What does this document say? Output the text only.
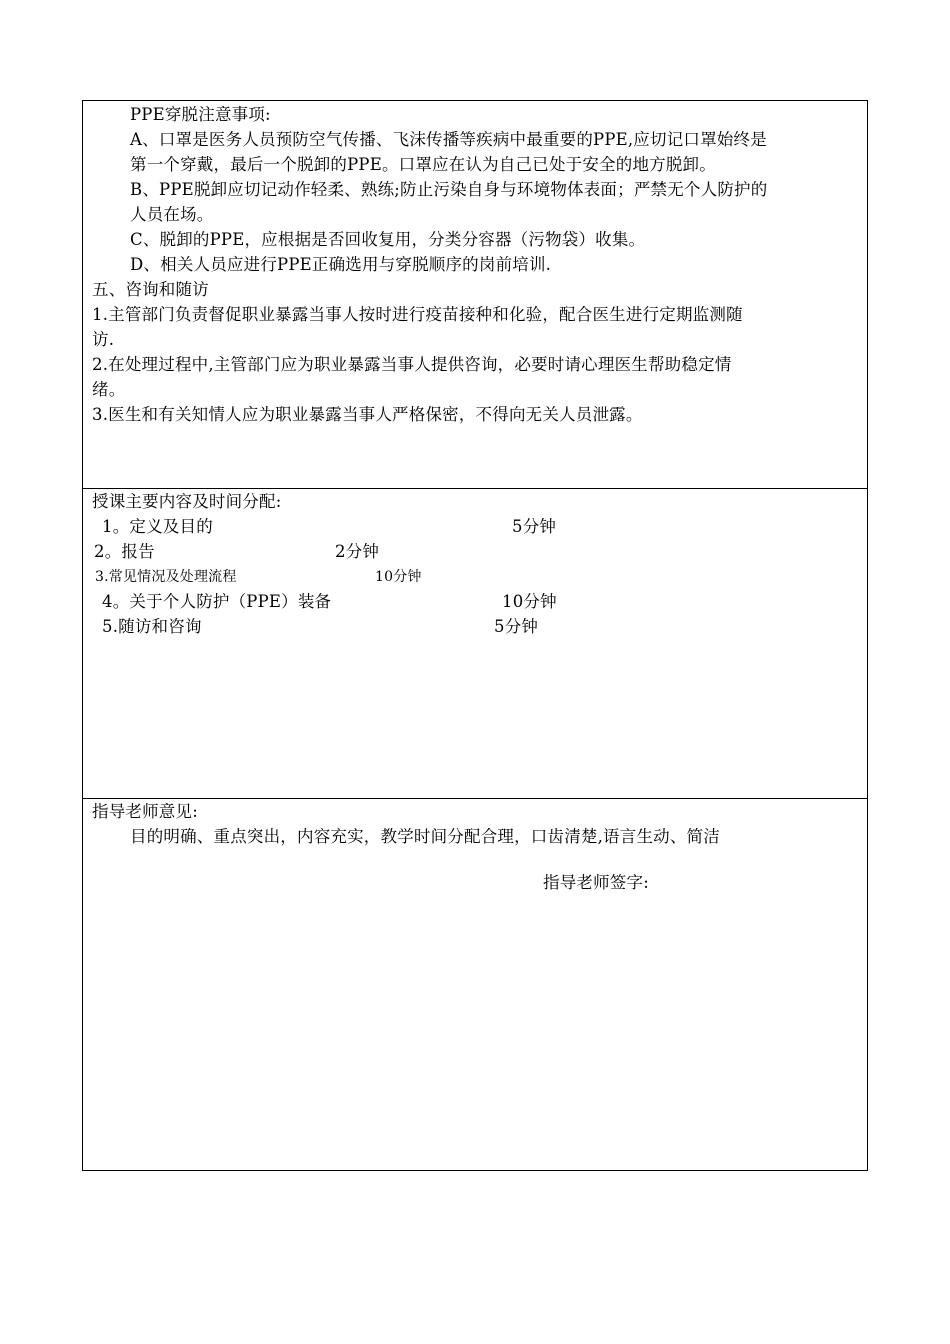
PPE穿脱注意事项:
A、口罩是医务人员预防空气传播、飞沫传播等疾病中最重要的PPE,应切记口罩始终是
第一个穿戴，最后一个脱卸的PPE。口罩应在认为自己已处于安全的地方脱卸。
B、PPE脱卸应切记动作轻柔、熟练;防止污染自身与环境物体表面；严禁无个人防护的
人员在场。
C、脱卸的PPE，应根据是否回收复用，分类分容器（污物袋）收集。
D、相关人员应进行PPE正确选用与穿脱顺序的岗前培训.
五、咨询和随访
1.主管部门负责督促职业暴露当事人按时进行疫苗接种和化验，配合医生进行定期监测随
访.
2.在处理过程中,主管部门应为职业暴露当事人提供咨询，必要时请心理医生帮助稳定情
绪。
3.医生和有关知情人应为职业暴露当事人严格保密，不得向无关人员泄露。
授课主要内容及时间分配:
1。定义及目的	5分钟
2。报告	2分钟
3.常见情况及处理流程	10分钟
4。关于个人防护（PPE）装备	10分钟
5.随访和咨询	5分钟
指导老师意见:
目的明确、重点突出，内容充实，教学时间分配合理，口齿清楚,语言生动、简洁
指导老师签字:
